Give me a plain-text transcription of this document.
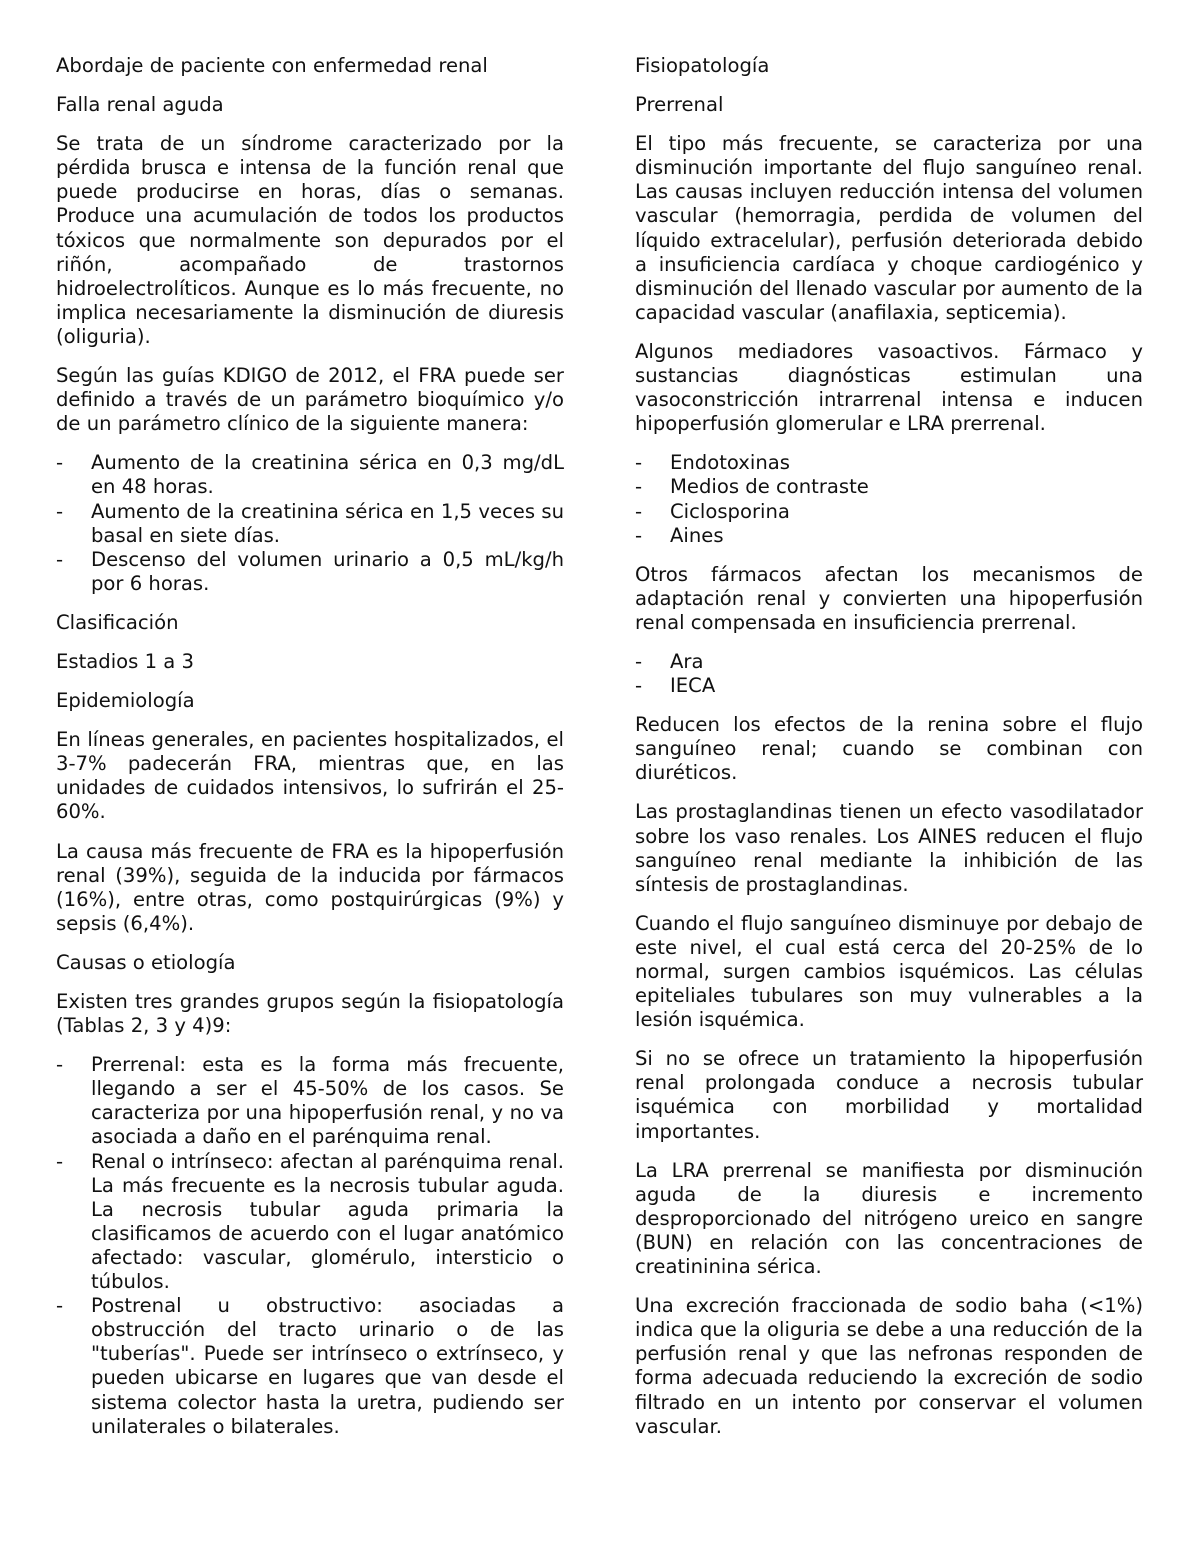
Abordaje de paciente con enfermedad renal

Falla renal aguda

Se trata de un síndrome caracterizado por la pérdida brusca e intensa de la función renal que puede producirse en horas, días o semanas. Produce una acumulación de todos los productos tóxicos que normalmente son depurados por el riñón, acompañado de trastornos hidroelectrolíticos. Aunque es lo más frecuente, no implica necesariamente la disminución de diuresis (oliguria).

Según las guías KDIGO de 2012, el FRA puede ser definido a través de un parámetro bioquímico y/o de un parámetro clínico de la siguiente manera:

- Aumento de la creatinina sérica en 0,3 mg/dL en 48 horas.
- Aumento de la creatinina sérica en 1,5 veces su basal en siete días.
- Descenso del volumen urinario a 0,5 mL/kg/h por 6 horas.

Clasificación

Estadios 1 a 3

Epidemiología

En líneas generales, en pacientes hospitalizados, el 3-7% padecerán FRA, mientras que, en las unidades de cuidados intensivos, lo sufrirán el 25-60%.

La causa más frecuente de FRA es la hipoperfusión renal (39%), seguida de la inducida por fármacos (16%), entre otras, como postquirúrgicas (9%) y sepsis (6,4%).

Causas o etiología

Existen tres grandes grupos según la fisiopatología (Tablas 2, 3 y 4)9:

- Prerrenal: esta es la forma más frecuente, llegando a ser el 45-50% de los casos. Se caracteriza por una hipoperfusión renal, y no va asociada a daño en el parénquima renal.
- Renal o intrínseco: afectan al parénquima renal. La más frecuente es la necrosis tubular aguda. La necrosis tubular aguda primaria la clasificamos de acuerdo con el lugar anatómico afectado: vascular, glomérulo, intersticio o túbulos.
- Postrenal u obstructivo: asociadas a obstrucción del tracto urinario o de las "tuberías". Puede ser intrínseco o extrínseco, y pueden ubicarse en lugares que van desde el sistema colector hasta la uretra, pudiendo ser unilaterales o bilaterales.

Fisiopatología

Prerrenal

El tipo más frecuente, se caracteriza por una disminución importante del flujo sanguíneo renal. Las causas incluyen reducción intensa del volumen vascular (hemorragia, perdida de volumen del líquido extracelular), perfusión deteriorada debido a insuficiencia cardíaca y choque cardiogénico y disminución del llenado vascular por aumento de la capacidad vascular (anafilaxia, septicemia).

Algunos mediadores vasoactivos. Fármaco y sustancias diagnósticas estimulan una vasoconstricción intrarrenal intensa e inducen hipoperfusión glomerular e LRA prerrenal.

- Endotoxinas
- Medios de contraste
- Ciclosporina
- Aines

Otros fármacos afectan los mecanismos de adaptación renal y convierten una hipoperfusión renal compensada en insuficiencia prerrenal.

- Ara
- IECA

Reducen los efectos de la renina sobre el flujo sanguíneo renal; cuando se combinan con diuréticos.

Las prostaglandinas tienen un efecto vasodilatador sobre los vaso renales. Los AINES reducen el flujo sanguíneo renal mediante la inhibición de las síntesis de prostaglandinas.

Cuando el flujo sanguíneo disminuye por debajo de este nivel, el cual está cerca del 20-25% de lo normal, surgen cambios isquémicos. Las células epiteliales tubulares son muy vulnerables a la lesión isquémica.

Si no se ofrece un tratamiento la hipoperfusión renal prolongada conduce a necrosis tubular isquémica con morbilidad y mortalidad importantes.

La LRA prerrenal se manifiesta por disminución aguda de la diuresis e incremento desproporcionado del nitrógeno ureico en sangre (BUN) en relación con las concentraciones de creatininina sérica.

Una excreción fraccionada de sodio baha (<1%) indica que la oliguria se debe a una reducción de la perfusión renal y que las nefronas responden de forma adecuada reduciendo la excreción de sodio filtrado en un intento por conservar el volumen vascular.
